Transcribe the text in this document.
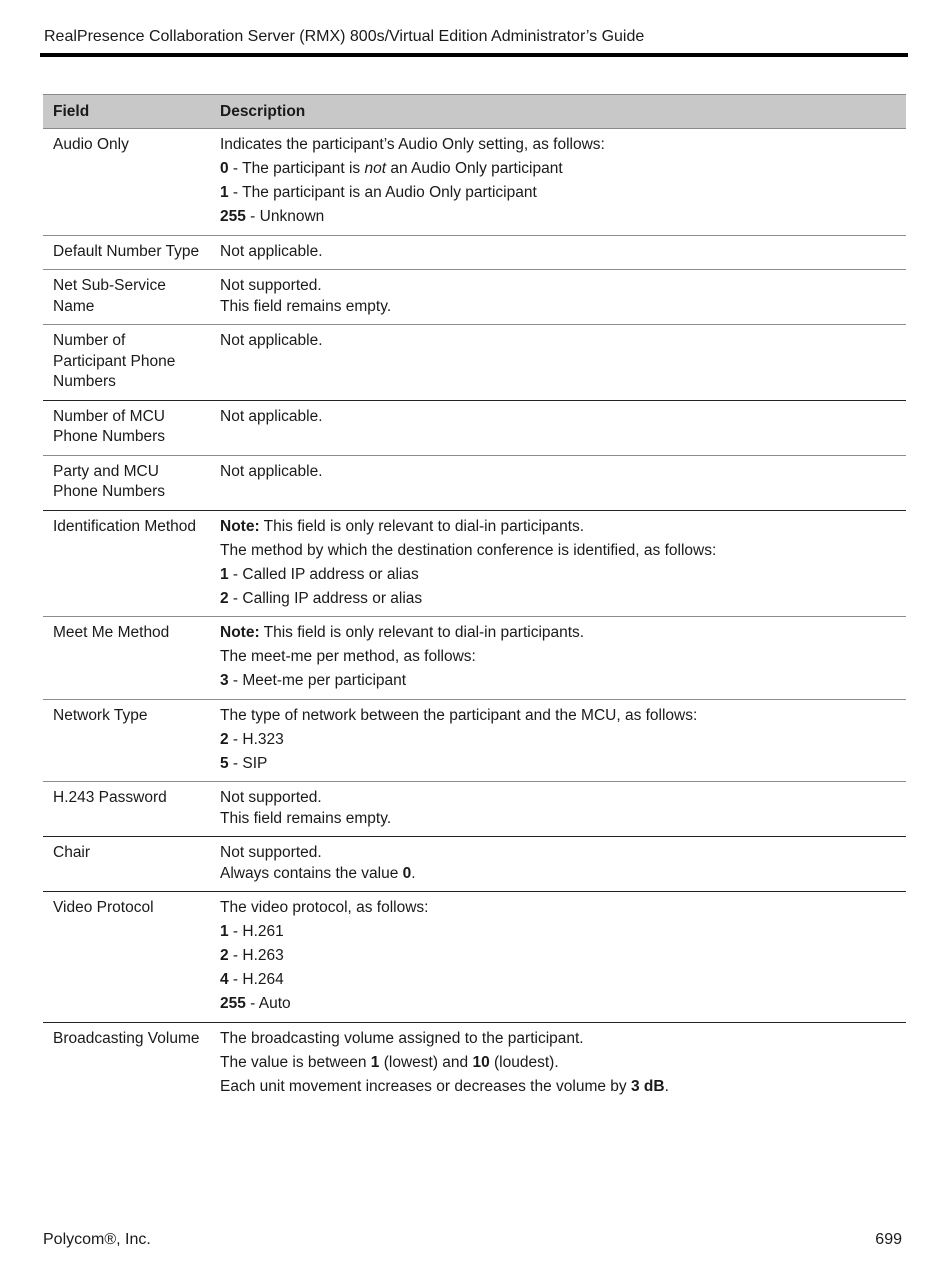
RealPresence Collaboration Server (RMX) 800s/Virtual Edition Administrator’s Guide
Field	Description
Audio Only	Indicates the participant’s Audio Only setting, as follows:
0 - The participant is not an Audio Only participant
1 - The participant is an Audio Only participant
255 - Unknown

Default Number Type	Not applicable.

Net Sub-Service Name	Not supported.
This field remains empty.

Number of Participant Phone Numbers	Not applicable.

Number of MCU Phone Numbers	Not applicable.

Party and MCU Phone Numbers	Not applicable.

Identification Method	Note: This field is only relevant to dial-in participants.
The method by which the destination conference is identified, as follows:
1 - Called IP address or alias
2 - Calling IP address or alias

Meet Me Method	Note: This field is only relevant to dial-in participants.
The meet-me per method, as follows:
3 - Meet-me per participant

Network Type	The type of network between the participant and the MCU, as follows:
2 - H.323
5 - SIP

H.243 Password	Not supported.
This field remains empty.

Chair	Not supported.
Always contains the value 0.

Video Protocol	The video protocol, as follows:
1 - H.261
2 - H.263
4 - H.264
255 - Auto

Broadcasting Volume	The broadcasting volume assigned to the participant.
The value is between 1 (lowest) and 10 (loudest).
Each unit movement increases or decreases the volume by 3 dB.
Polycom®, Inc.	699
